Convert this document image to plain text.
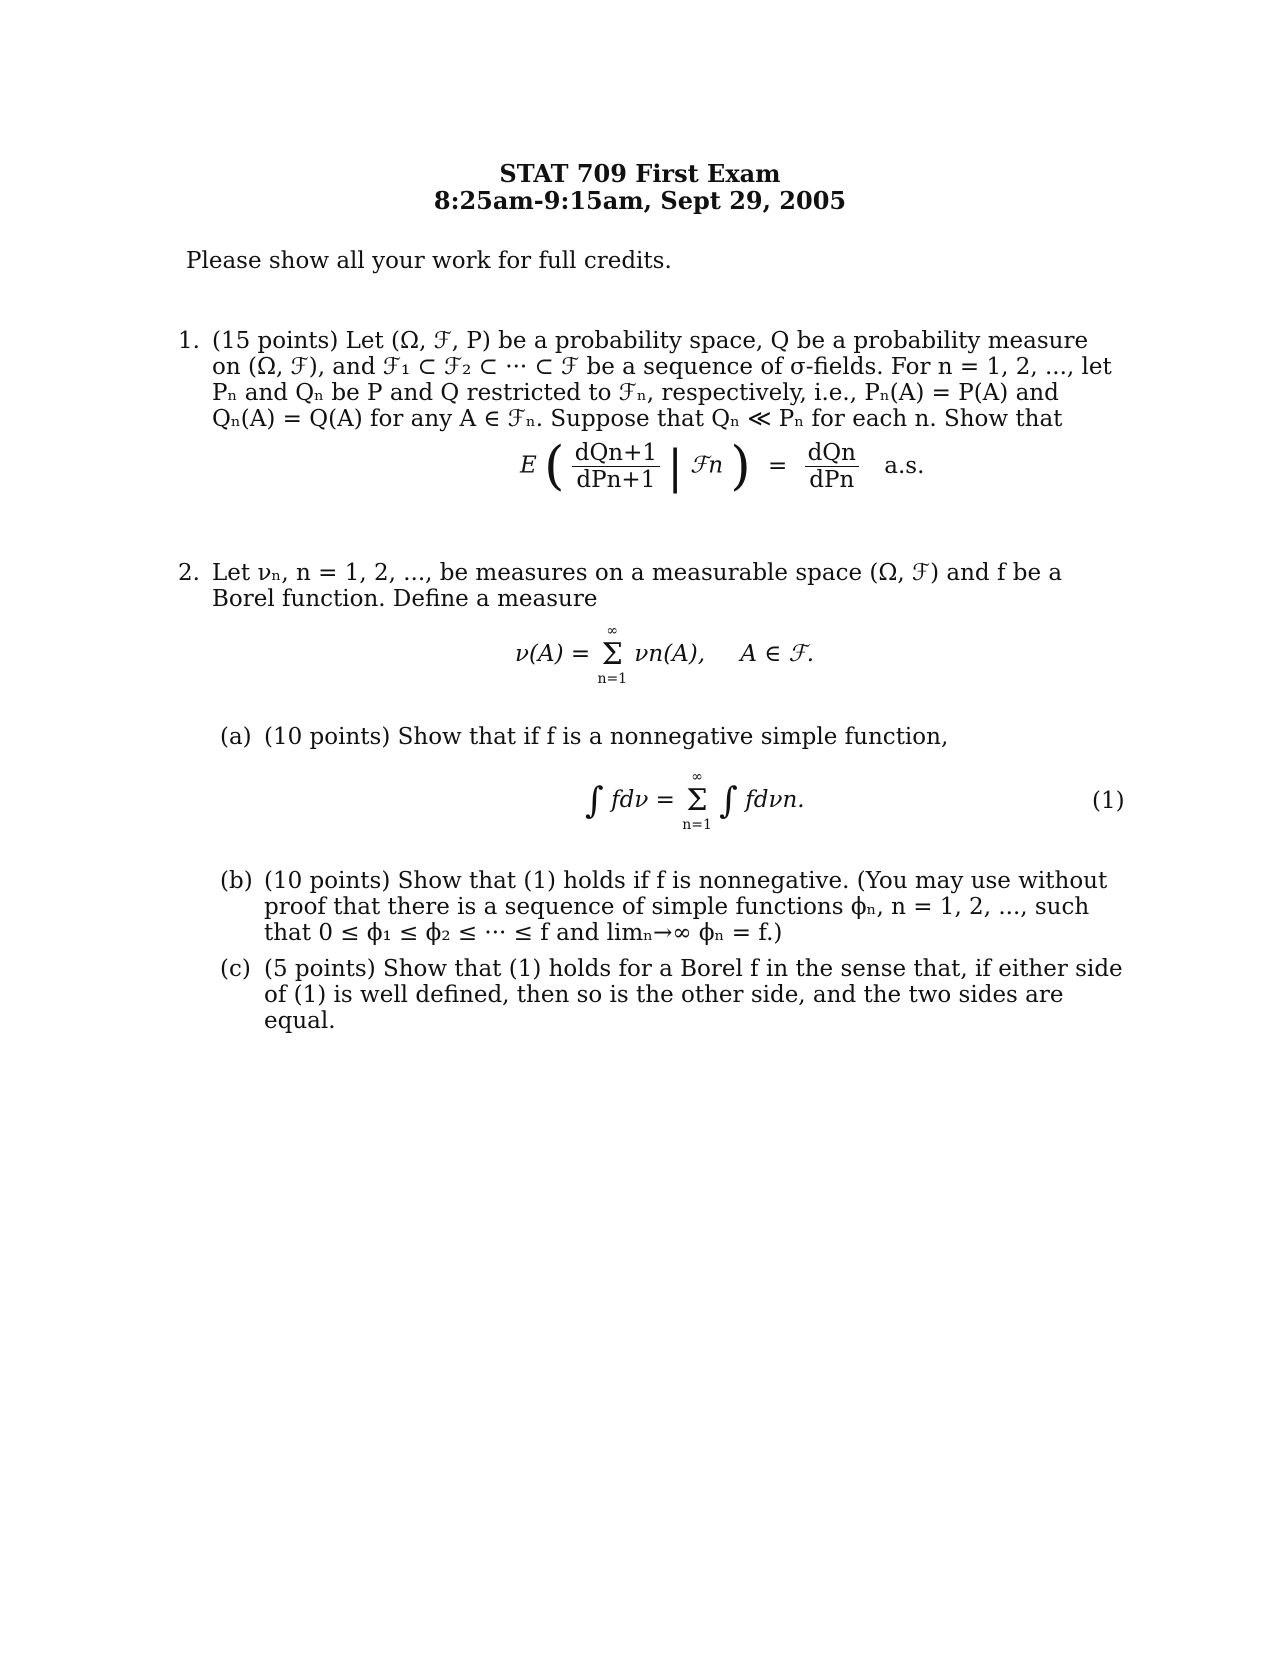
STAT 709 First Exam
8:25am-9:15am, Sept 29, 2005
Please show all your work for full credits.
1. (15 points) Let (Ω, ℱ, P) be a probability space, Q be a probability measure on (Ω, ℱ), and ℱ₁ ⊂ ℱ₂ ⊂ ··· ⊂ ℱ be a sequence of σ-fields. For n = 1, 2, ..., let Pₙ and Qₙ be P and Q restricted to ℱₙ, respectively, i.e., Pₙ(A) = P(A) and Qₙ(A) = Q(A) for any A ∈ ℱₙ. Suppose that Qₙ ≪ Pₙ for each n. Show that
E ( $\frac{\text{dQn+1}}{\text{dPn+1}}$ | ℱn ) = $\frac{\text{dQn}}{\text{dPn}} a.s$.
2. Let νₙ, n = 1, 2, ..., be measures on a measurable space (Ω, ℱ) and f be a Borel function. Define a measure
ν(A) =
∞
Σ
n=1
νn(A), A ∈ ℱ.
(a) (10 points) Show that if f is a nonnegative simple function,
∫ fdν =
∞
Σ
n=1
∫ fdνn.	(1)
(b) (10 points) Show that (1) holds if f is nonnegative. (You may use without proof that there is a sequence of simple functions ϕₙ, n = 1, 2, ..., such that 0 ≤ ϕ₁ ≤ ϕ₂ ≤ ··· ≤ f and limₙ→∞ ϕₙ = f.)
(c) (5 points) Show that (1) holds for a Borel f in the sense that, if either side of (1) is well defined, then so is the other side, and the two sides are equal.
